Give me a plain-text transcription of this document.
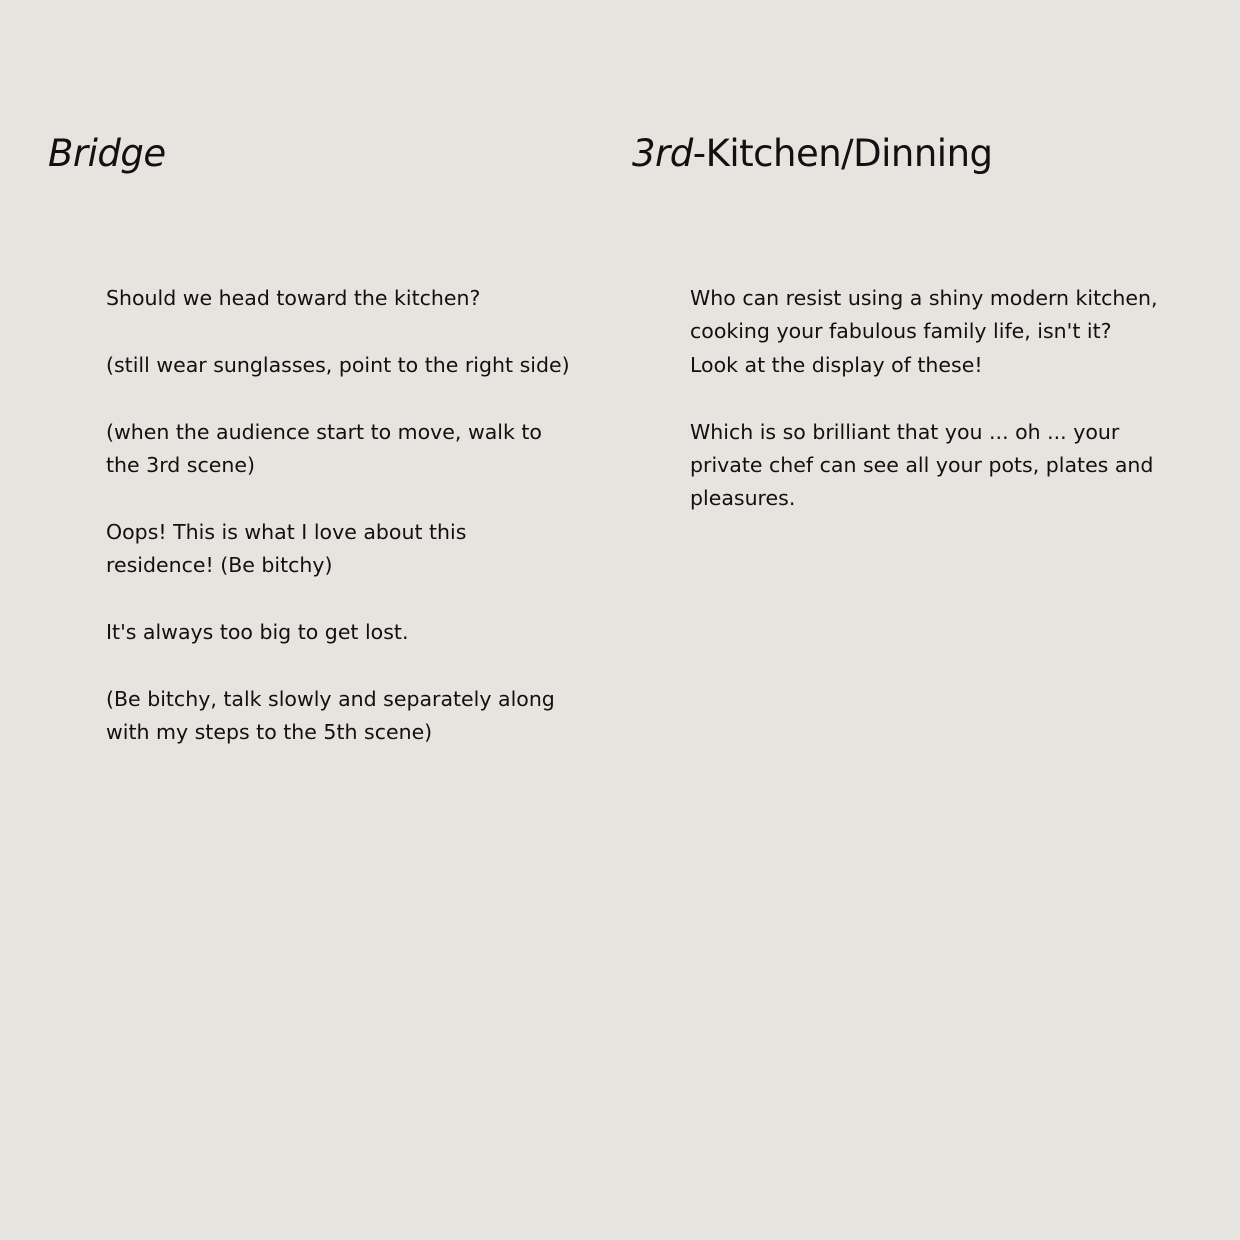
Bridge

Should we head toward the kitchen?

(still wear sunglasses, point to the right side)

(when the audience start to move, walk to
the 3rd scene)

Oops! This is what I love about this
residence! (Be bitchy)

It's always too big to get lost.

(Be bitchy, talk slowly and separately along
with my steps to the 5th scene)

3rd-Kitchen/Dinning

Who can resist using a shiny modern kitchen,
cooking your fabulous family life, isn't it?
Look at the display of these!

Which is so brilliant that you ... oh ... your
private chef can see all your pots, plates and
pleasures.
